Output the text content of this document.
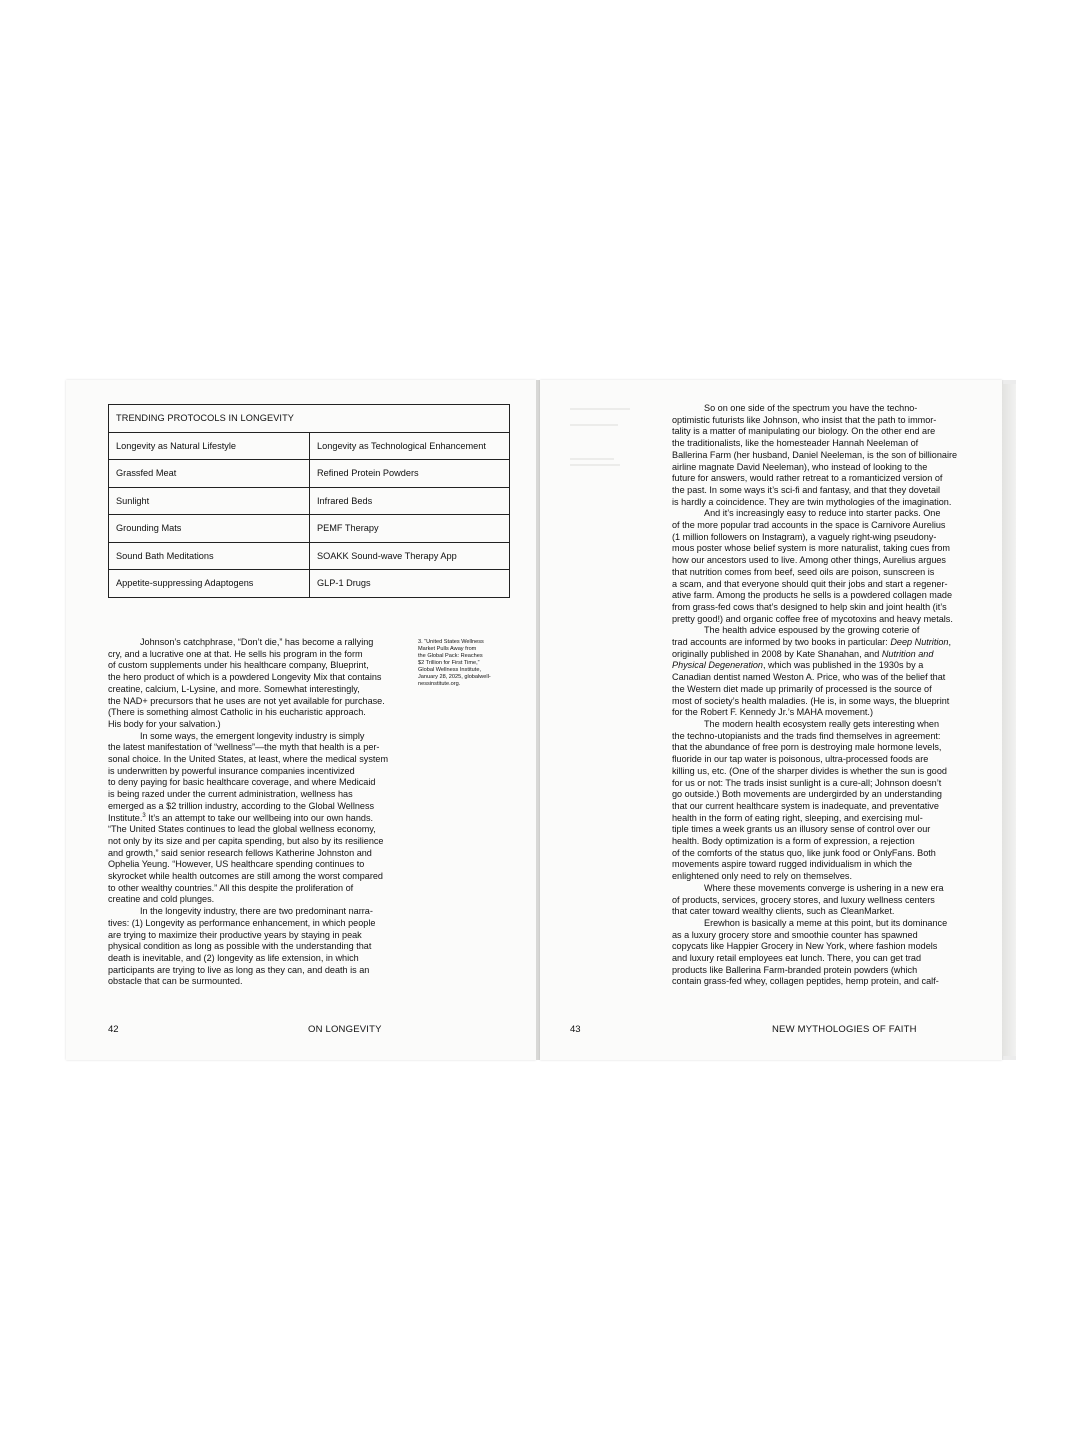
TRENDING PROTOCOLS IN LONGEVITY	
Longevity as Natural Lifestyle	Longevity as Technological Enhancement
Grassfed Meat	Refined Protein Powders
Sunlight	Infrared Beds
Grounding Mats	PEMF Therapy
Sound Bath Meditations	SOAKK Sound-wave Therapy App
Appetite-suppressing Adaptogens	GLP-1 Drugs
Johnson’s catchphrase, “Don’t die,” has become a rallying
cry, and a lucrative one at that. He sells his program in the form
of custom supplements under his healthcare company, Blueprint,
the hero product of which is a powdered Longevity Mix that contains
creatine, calcium, L-Lysine, and more. Somewhat interestingly,
the NAD+ precursors that he uses are not yet available for purchase.
(There is something almost Catholic in his eucharistic approach.
His body for your salvation.)
In some ways, the emergent longevity industry is simply
the latest manifestation of “wellness”—the myth that health is a per-
sonal choice. In the United States, at least, where the medical system
is underwritten by powerful insurance companies incentivized
to deny paying for basic healthcare coverage, and where Medicaid
is being razed under the current administration, wellness has
emerged as a $2 trillion industry, according to the Global Wellness
Institute.$^3$ It’s an attempt to take our wellbeing into our own hands.
“The United States continues to lead the global wellness economy,
not only by its size and per capita spending, but also by its resilience
and growth,” said senior research fellows Katherine Johnston and
Ophelia Yeung. “However, US healthcare spending continues to
skyrocket while health outcomes are still among the worst compared
to other wealthy countries.” All this despite the proliferation of
creatine and cold plunges.
In the longevity industry, there are two predominant narra-
tives: (1) Longevity as performance enhancement, in which people
are trying to maximize their productive years by staying in peak
physical condition as long as possible with the understanding that
death is inevitable, and (2) longevity as life extension, in which
participants are trying to live as long as they can, and death is an
obstacle that can be surmounted.
3. “United States Wellness
Market Pulls Away from
the Global Pack: Reaches
$2 Trillion for First Time,”
Global Wellness Institute,
January 28, 2025, globalwell-
nessinstitute.org.
42	ON LONGEVITY
So on one side of the spectrum you have the techno-
optimistic futurists like Johnson, who insist that the path to immor-
tality is a matter of manipulating our biology. On the other end are
the traditionalists, like the homesteader Hannah Neeleman of
Ballerina Farm (her husband, Daniel Neeleman, is the son of billionaire
airline magnate David Neeleman), who instead of looking to the
future for answers, would rather retreat to a romanticized version of
the past. In some ways it’s sci-fi and fantasy, and that they dovetail
is hardly a coincidence. They are twin mythologies of the imagination.
And it’s increasingly easy to reduce into starter packs. One
of the more popular trad accounts in the space is Carnivore Aurelius
(1 million followers on Instagram), a vaguely right-wing pseudony-
mous poster whose belief system is more naturalist, taking cues from
how our ancestors used to live. Among other things, Aurelius argues
that nutrition comes from beef, seed oils are poison, sunscreen is
a scam, and that everyone should quit their jobs and start a regener-
ative farm. Among the products he sells is a powdered collagen made
from grass-fed cows that’s designed to help skin and joint health (it’s
pretty good!) and organic coffee free of mycotoxins and heavy metals.
The health advice espoused by the growing coterie of
trad accounts are informed by two books in particular: Deep Nutrition,
originally published in 2008 by Kate Shanahan, and Nutrition and
Physical Degeneration, which was published in the 1930s by a
Canadian dentist named Weston A. Price, who was of the belief that
the Western diet made up primarily of processed is the source of
most of society’s health maladies. (He is, in some ways, the blueprint
for the Robert F. Kennedy Jr.’s MAHA movement.)
The modern health ecosystem really gets interesting when
the techno-utopianists and the trads find themselves in agreement:
that the abundance of free porn is destroying male hormone levels,
fluoride in our tap water is poisonous, ultra-processed foods are
killing us, etc. (One of the sharper divides is whether the sun is good
for us or not: The trads insist sunlight is a cure-all; Johnson doesn’t
go outside.) Both movements are undergirded by an understanding
that our current healthcare system is inadequate, and preventative
health in the form of eating right, sleeping, and exercising mul-
tiple times a week grants us an illusory sense of control over our
health. Body optimization is a form of expression, a rejection
of the comforts of the status quo, like junk food or OnlyFans. Both
movements aspire toward rugged individualism in which the
enlightened only need to rely on themselves.
Where these movements converge is ushering in a new era
of products, services, grocery stores, and luxury wellness centers
that cater toward wealthy clients, such as CleanMarket.
Erewhon is basically a meme at this point, but its dominance
as a luxury grocery store and smoothie counter has spawned
copycats like Happier Grocery in New York, where fashion models
and luxury retail employees eat lunch. There, you can get trad
products like Ballerina Farm-branded protein powders (which
contain grass-fed whey, collagen peptides, hemp protein, and calf-
43	NEW MYTHOLOGIES OF FAITH
